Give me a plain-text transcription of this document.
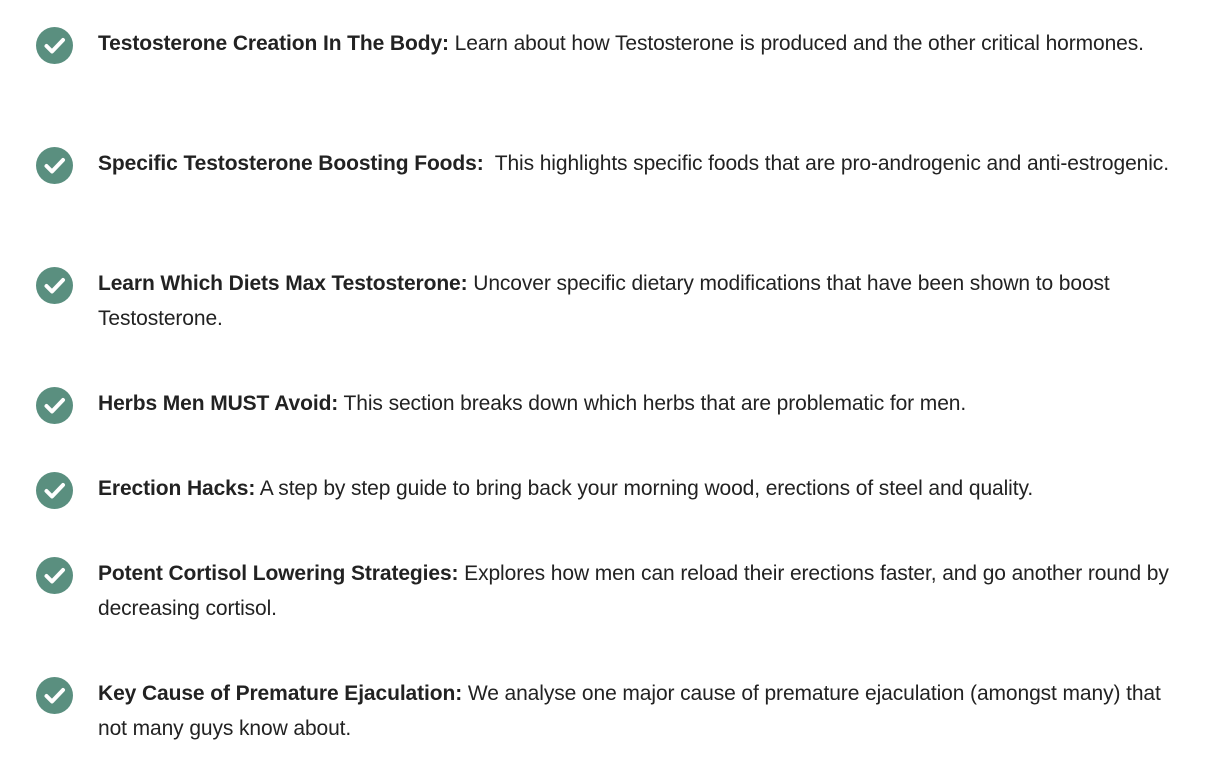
Testosterone Creation In The Body: Learn about how Testosterone is produced and the other critical hormones.

Specific Testosterone Boosting Foods:  This highlights specific foods that are pro-androgenic and anti-estrogenic.

Learn Which Diets Max Testosterone: Uncover specific dietary modifications that have been shown to boost Testosterone.

Herbs Men MUST Avoid: This section breaks down which herbs that are problematic for men.

Erection Hacks: A step by step guide to bring back your morning wood, erections of steel and quality.

Potent Cortisol Lowering Strategies: Explores how men can reload their erections faster, and go another round by decreasing cortisol.

Key Cause of Premature Ejaculation: We analyse one major cause of premature ejaculation (amongst many) that not many guys know about.
